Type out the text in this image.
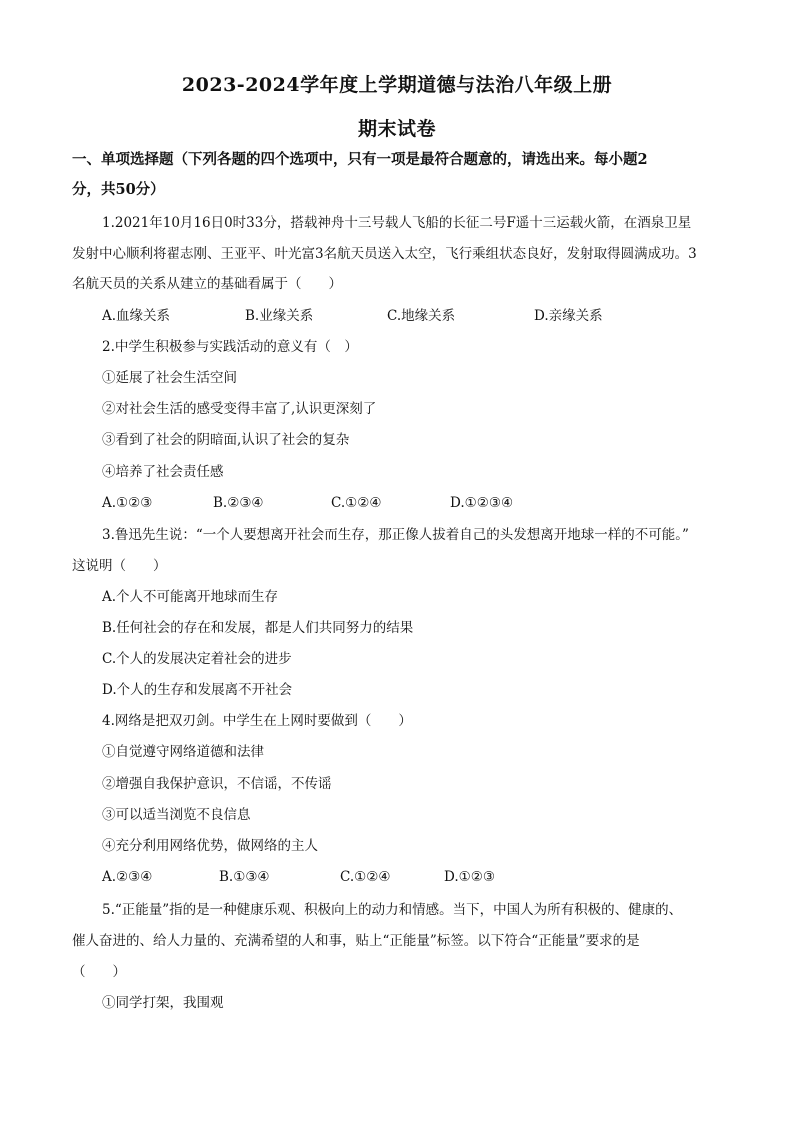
2023-2024学年度上学期道德与法治八年级上册
期末试卷
一、单项选择题（下列各题的四个选项中，只有一项是最符合题意的，请选出来。每小题2
分，共50分）
1.2021年10月16日0时33分，搭载神舟十三号载人飞船的长征二号F遥十三运载火箭，在酒泉卫星
发射中心顺利将翟志刚、王亚平、叶光富3名航天员送入太空，飞行乘组状态良好，发射取得圆满成功。3
名航天员的关系从建立的基础看属于（　　）
A.血缘关系	B.业缘关系	C.地缘关系	D.亲缘关系
2.中学生积极参与实践活动的意义有（　）
①延展了社会生活空间
②对社会生活的感受变得丰富了,认识更深刻了
③看到了社会的阴暗面,认识了社会的复杂
④培养了社会责任感
A.①②③	B.②③④	C.①②④	D.①②③④
3.鲁迅先生说：“一个人要想离开社会而生存，那正像人拔着自己的头发想离开地球一样的不可能。”
这说明（　　）
A.个人不可能离开地球而生存
B.任何社会的存在和发展，都是人们共同努力的结果
C.个人的发展决定着社会的进步
D.个人的生存和发展离不开社会
4.网络是把双刃剑。中学生在上网时要做到（　　）
①自觉遵守网络道德和法律
②增强自我保护意识，不信谣，不传谣
③可以适当浏览不良信息
④充分利用网络优势，做网络的主人
A.②③④	B.①③④	C.①②④	D.①②③
5.“正能量”指的是一种健康乐观、积极向上的动力和情感。当下，中国人为所有积极的、健康的、
催人奋进的、给人力量的、充满希望的人和事，贴上“正能量”标签。以下符合“正能量”要求的是
（　　）
①同学打架，我围观
